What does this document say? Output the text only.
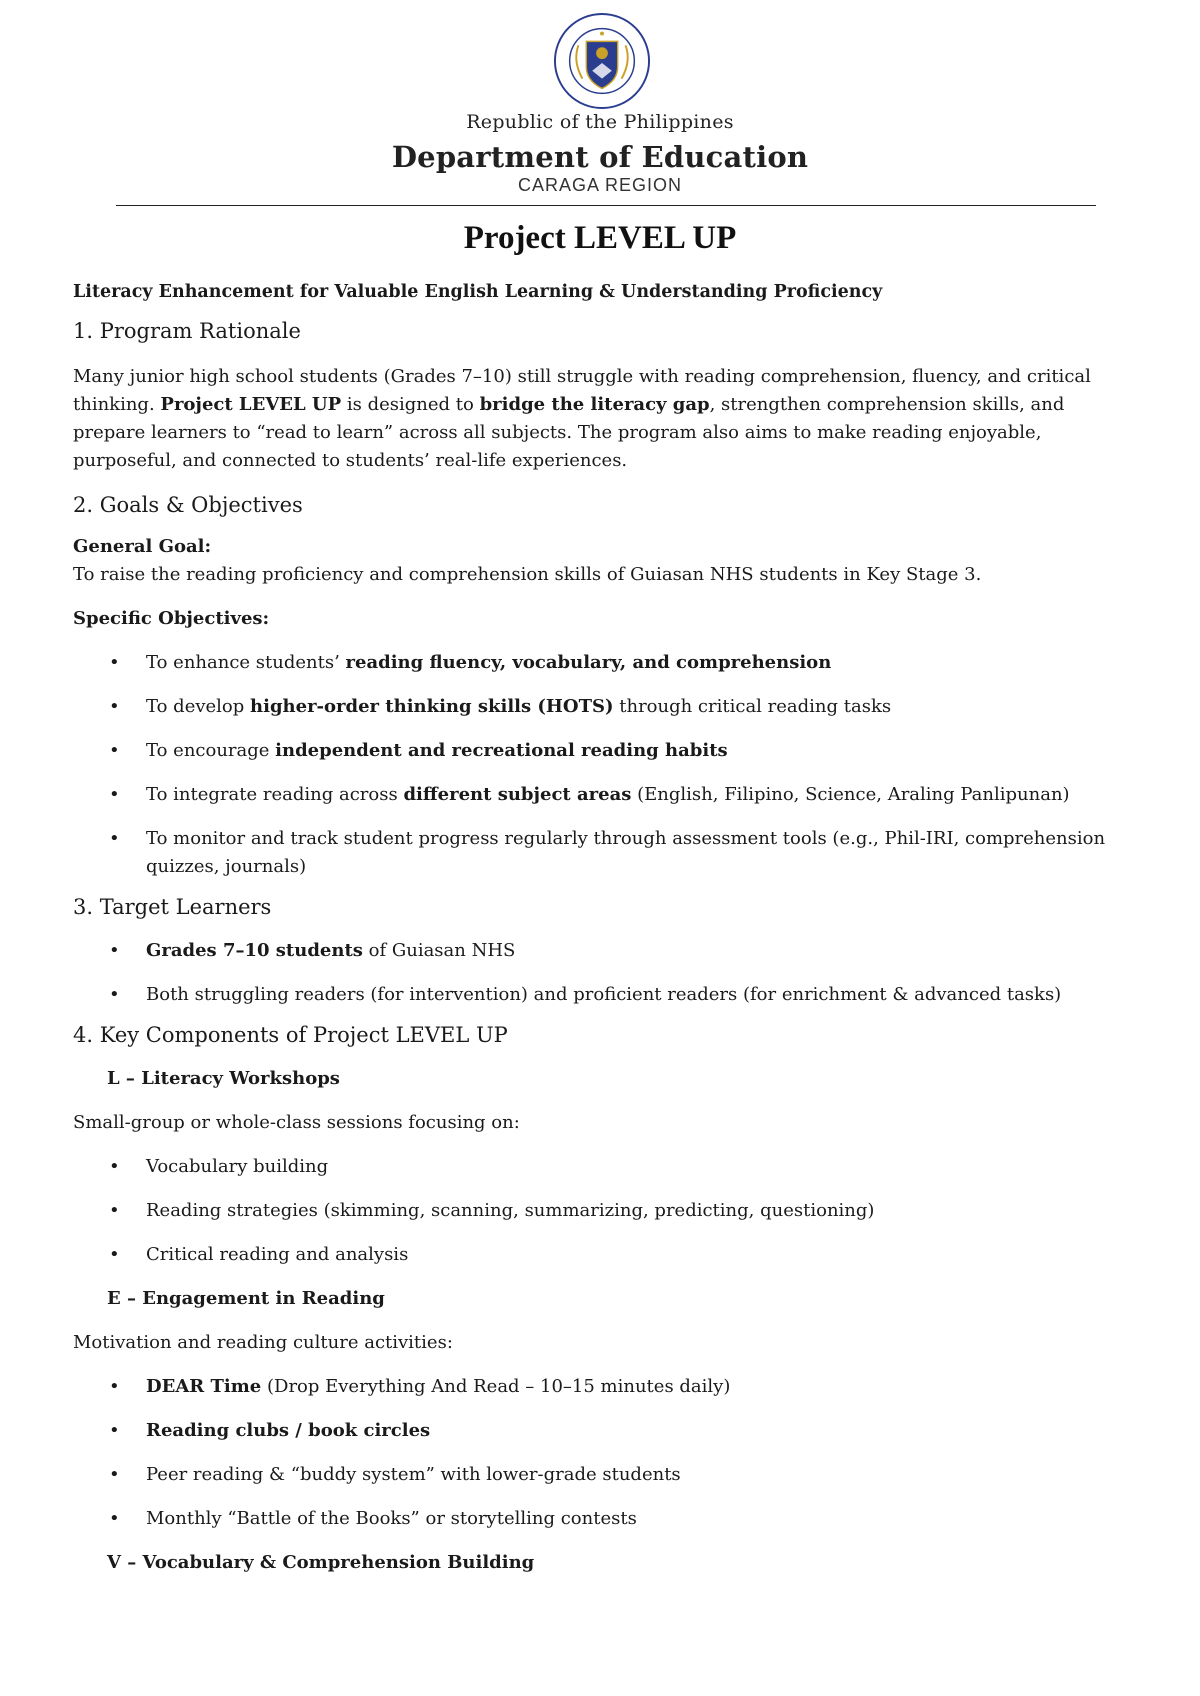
Republic of the Philippines
Department of Education
CARAGA REGION
Project LEVEL UP

Literacy Enhancement for Valuable English Learning & Understanding Proficiency

1. Program Rationale

Many junior high school students (Grades 7–10) still struggle with reading comprehension, fluency, and critical thinking. Project LEVEL UP is designed to bridge the literacy gap, strengthen comprehension skills, and prepare learners to “read to learn” across all subjects. The program also aims to make reading enjoyable, purposeful, and connected to students’ real-life experiences.

2. Goals & Objectives

General Goal:

To raise the reading proficiency and comprehension skills of Guiasan NHS students in Key Stage 3.

Specific Objectives:

• To enhance students’ reading fluency, vocabulary, and comprehension
• To develop higher-order thinking skills (HOTS) through critical reading tasks
• To encourage independent and recreational reading habits
• To integrate reading across different subject areas (English, Filipino, Science, Araling Panlipunan)
• To monitor and track student progress regularly through assessment tools (e.g., Phil-IRI, comprehension quizzes, journals)
3. Target Learners
• Grades 7–10 students of Guiasan NHS
• Both struggling readers (for intervention) and proficient readers (for enrichment & advanced tasks)
4. Key Components of Project LEVEL UP

L – Literacy Workshops

Small-group or whole-class sessions focusing on:

• Vocabulary building
• Reading strategies (skimming, scanning, summarizing, predicting, questioning)
• Critical reading and analysis

E – Engagement in Reading

Motivation and reading culture activities:

• DEAR Time (Drop Everything And Read – 10–15 minutes daily)
• Reading clubs / book circles
• Peer reading & “buddy system” with lower-grade students
• Monthly “Battle of the Books” or storytelling contests

V – Vocabulary & Comprehension Building
